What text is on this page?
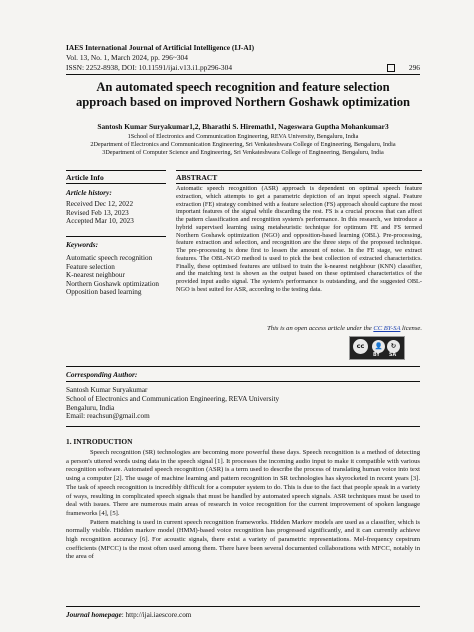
IAES International Journal of Artificial Intelligence (IJ-AI)
Vol. 13, No. 1, March 2024, pp. 296~304
ISSN: 2252-8938, DOI: 10.11591/ijai.v13.i1.pp296-304	296
An automated speech recognition and feature selection
approach based on improved Northern Goshawk optimization
Santosh Kumar Suryakumar1,2, Bharathi S. Hiremath1, Nageswara Guptha Mohankumar3
1School of Electronics and Communication Engineering, REVA University, Bengaluru, India
2Department of Electronics and Communication Engineering, Sri Venkateshwara College of Engineering, Bengaluru, India
3Department of Computer Science and Engineering, Sri Venkateshwara College of Engineering, Bengaluru, India
Article Info	ABSTRACT
Article history:
Received Dec 12, 2022
Revised Feb 13, 2023
Accepted Mar 10, 2023
Keywords:
Automatic speech recognition
Feature selection
K-nearest neighbour
Northern Goshawk optimization
Opposition based learning
Automatic speech recognition (ASR) approach is dependent on optimal speech feature extraction, which attempts to get a parametric depiction of an input speech signal. Feature extraction (FE) strategy combined with a feature selection (FS) approach should capture the most important features of the signal while discarding the rest. FS is a crucial process that can affect the pattern classification and recognition system's performance. In this research, we introduce a hybrid supervised learning using metaheuristic technique for optimum FE and FS termed Northern Goshawk optimization (NGO) and opposition-based learning (OBL). Pre-processing, feature extraction and selection, and recognition are the three steps of the proposed technique. The pre-processing is done first to lessen the amount of noise. In the FE stage, we extract features. The OBL-NGO method is used to pick the best collection of extracted characteristics. Finally, these optimised features are utilised to train the k-nearest neighbour (KNN) classifier, and the matching text is shown as the output based on these optimised characteristics of the provided input audio signal. The system's performance is outstanding, and the suggested OBL-NGO is best suited for ASR, according to the testing data.
This is an open access article under the CC BY-SA license.
cc	👤	↻
BY SA
Corresponding Author:
Santosh Kumar Suryakumar
School of Electronics and Communication Engineering, REVA University
Bengaluru, India
Email: reachsun@gmail.com
1. INTRODUCTION

Speech recognition (SR) technologies are becoming more powerful these days. Speech recognition is a method of detecting a person's uttered words using data in the speech signal [1]. It processes the incoming audio input to make it compatible with various recognition software. Automated speech recognition (ASR) is a term used to describe the process of translating human voice into text using a computer [2]. The usage of machine learning and pattern recognition in SR technologies has skyrocketed in recent years [3]. The task of speech recognition is incredibly difficult for a computer system to do. This is due to the fact that people speak in a variety of ways, resulting in complicated speech signals that must be handled by automated speech signals. ASR techniques must be used to deal with issues. There are numerous main areas of research in voice recognition for the current improvement of spoken language frameworks [4], [5].

Pattern matching is used in current speech recognition frameworks. Hidden Markov models are used as a classifier, which is normally visible. Hidden markov model (HMM)-based voice recognition has progressed significantly, and it can currently achieve high recognition accuracy [6]. For acoustic signals, there exist a variety of parametric representations. Mel-frequency cepstrum coefficients (MFCC) is the most often used among them. There have been several documented collaborations with MFCC, notably in the area of

Journal homepage: http://ijai.iaescore.com
